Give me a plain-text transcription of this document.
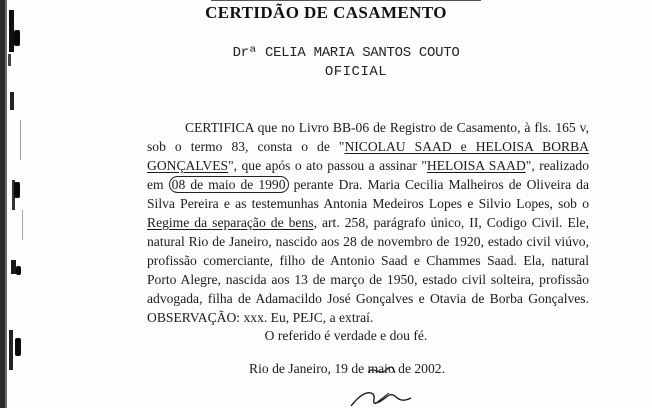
CERTIDÃO DE CASAMENTO
Drª CELIA MARIA SANTOS COUTO
OFICIAL
CERTIFICA que no Livro BB-06 de Registro de Casamento, à fls. 165 v, sob o termo 83, consta o de "NICOLAU SAAD e HELOISA BORBA GONÇALVES", que após o ato passou a assinar "HELOISA SAAD", realizado em 08 de maio de 1990 perante Dra. Maria Cecilia Malheiros de Oliveira da Silva Pereira e as testemunhas Antonia Medeiros Lopes e Silvio Lopes, sob o Regime da separação de bens, art. 258, parágrafo único, II, Codigo Civil. Ele, natural Rio de Janeiro, nascido aos 28 de novembro de 1920, estado civil viúvo, profissão comerciante, filho de Antonio Saad e Chammes Saad. Ela, natural Porto Alegre, nascida aos 13 de março de 1950, estado civil solteira, profissão advogada, filha de Adamacildo José Gonçalves e Otavia de Borba Gonçalves. OBSERVAÇÃO: xxx. Eu, PEJC, a extraí.
O referido é verdade e dou fé.
Rio de Janeiro, 19 de maio de 2002.
